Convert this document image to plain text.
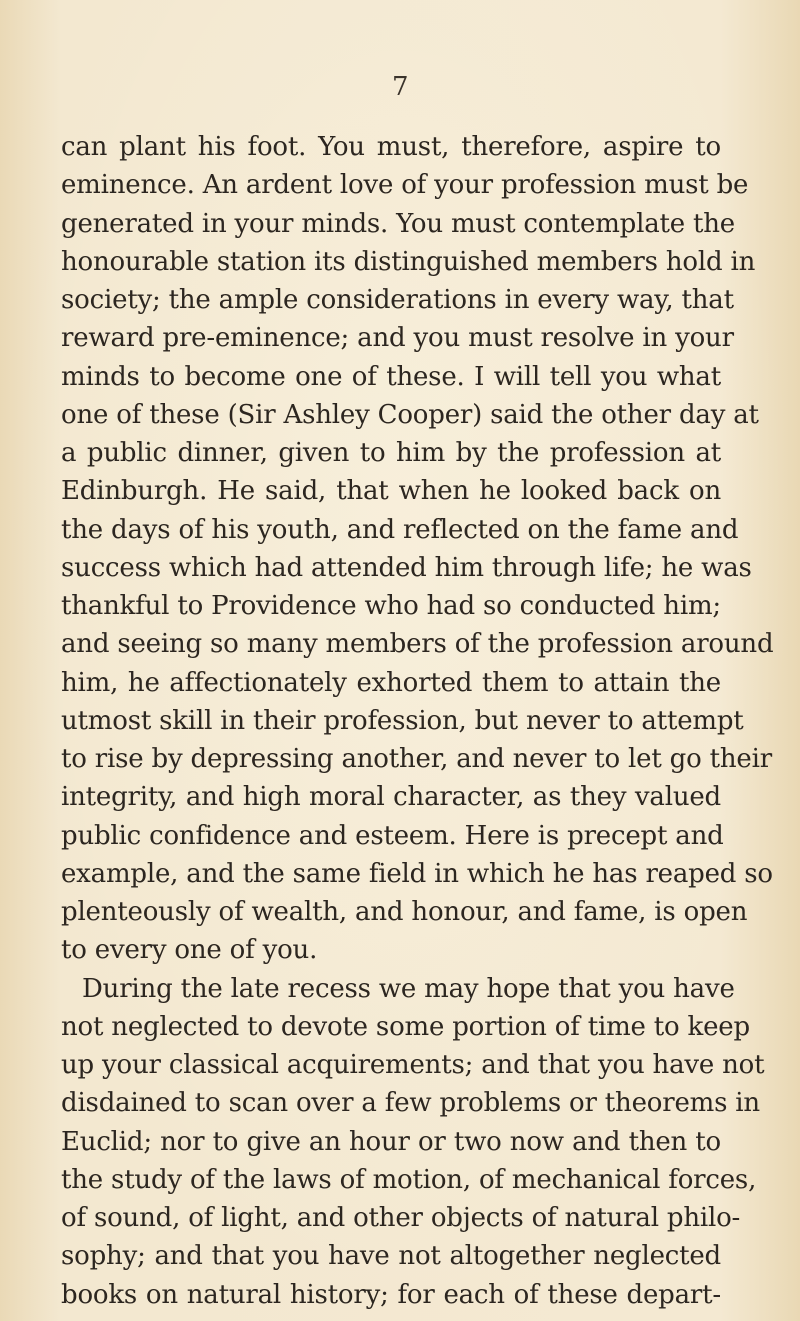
7
can plant his foot. You must, therefore, aspire to
eminence. An ardent love of your profession must be
generated in your minds. You must contemplate the
honourable station its distinguished members hold in
society; the ample considerations in every way, that
reward pre-eminence; and you must resolve in your
minds to become one of these. I will tell you what
one of these (Sir Ashley Cooper) said the other day at
a public dinner, given to him by the profession at
Edinburgh. He said, that when he looked back on
the days of his youth, and reflected on the fame and
success which had attended him through life; he was
thankful to Providence who had so conducted him;
and seeing so many members of the profession around
him, he affectionately exhorted them to attain the
utmost skill in their profession, but never to attempt
to rise by depressing another, and never to let go their
integrity, and high moral character, as they valued
public confidence and esteem. Here is precept and
example, and the same field in which he has reaped so
plenteously of wealth, and honour, and fame, is open
to every one of you.
During the late recess we may hope that you have
not neglected to devote some portion of time to keep
up your classical acquirements; and that you have not
disdained to scan over a few problems or theorems in
Euclid; nor to give an hour or two now and then to
the study of the laws of motion, of mechanical forces,
of sound, of light, and other objects of natural philo-
sophy; and that you have not altogether neglected
books on natural history; for each of these depart-
